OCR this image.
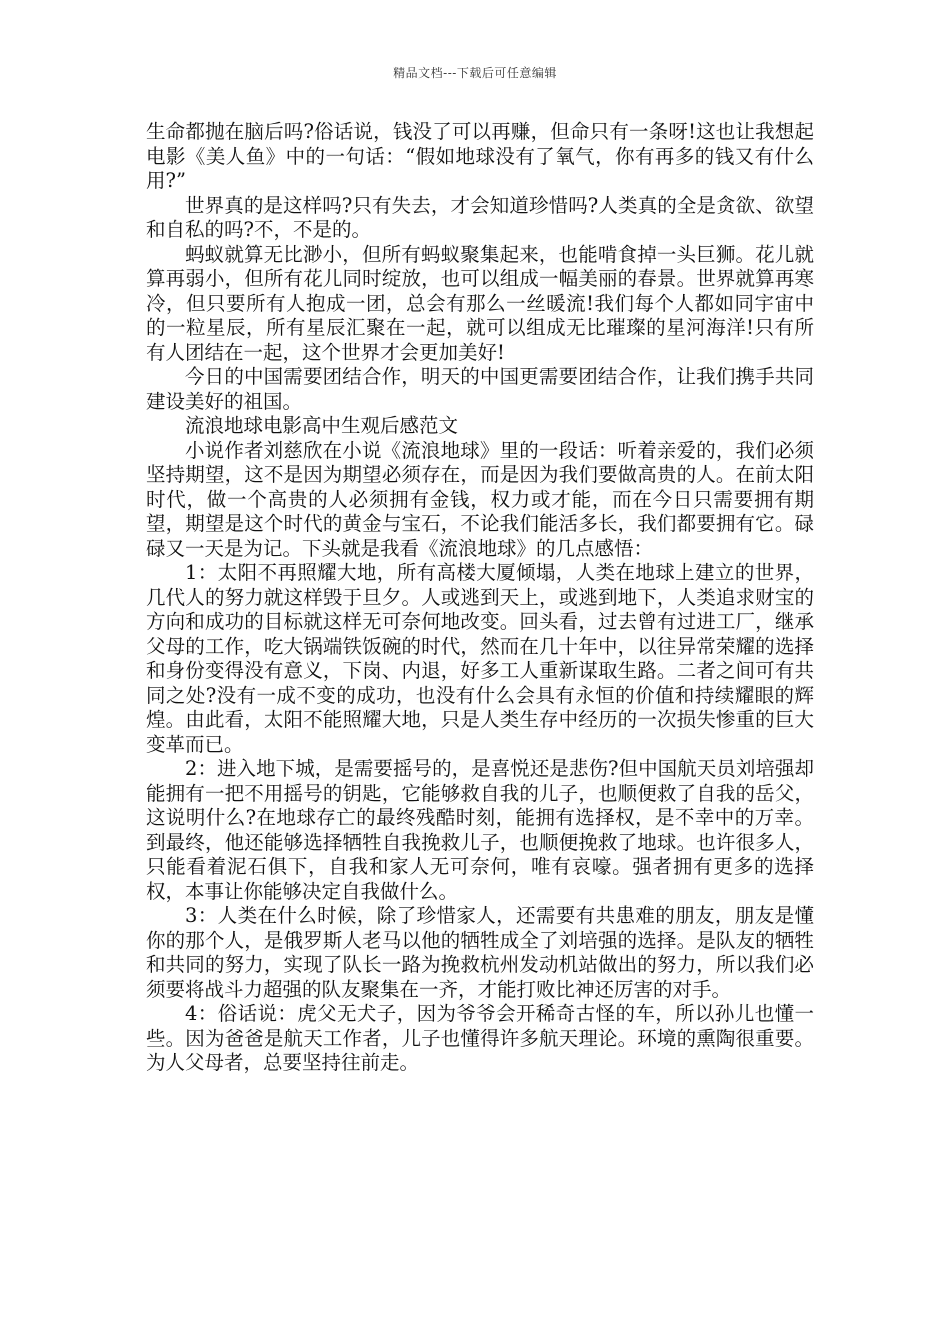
精品文档---下载后可任意编辑

生命都抛在脑后吗?俗话说，钱没了可以再赚，但命只有一条呀!这也让我想起电影《美人鱼》中的一句话：“假如地球没有了氧气，你有再多的钱又有什么用?”

世界真的是这样吗?只有失去，才会知道珍惜吗?人类真的全是贪欲、欲望和自私的吗?不，不是的。

蚂蚁就算无比渺小，但所有蚂蚁聚集起来，也能啃食掉一头巨狮。花儿就算再弱小，但所有花儿同时绽放，也可以组成一幅美丽的春景。世界就算再寒冷，但只要所有人抱成一团，总会有那么一丝暖流!我们每个人都如同宇宙中的一粒星辰，所有星辰汇聚在一起，就可以组成无比璀璨的星河海洋!只有所有人团结在一起，这个世界才会更加美好!

今日的中国需要团结合作，明天的中国更需要团结合作，让我们携手共同建设美好的祖国。

流浪地球电影高中生观后感范文

小说作者刘慈欣在小说《流浪地球》里的一段话：听着亲爱的，我们必须坚持期望，这不是因为期望必须存在，而是因为我们要做高贵的人。在前太阳时代，做一个高贵的人必须拥有金钱，权力或才能，而在今日只需要拥有期望，期望是这个时代的黄金与宝石，不论我们能活多长，我们都要拥有它。碌碌又一天是为记。下头就是我看《流浪地球》的几点感悟：

1：太阳不再照耀大地，所有高楼大厦倾塌，人类在地球上建立的世界，几代人的努力就这样毁于旦夕。人或逃到天上，或逃到地下，人类追求财宝的方向和成功的目标就这样无可奈何地改变。回头看，过去曾有过进工厂，继承父母的工作，吃大锅端铁饭碗的时代，然而在几十年中，以往异常荣耀的选择和身份变得没有意义，下岗、内退，好多工人重新谋取生路。二者之间可有共同之处?没有一成不变的成功，也没有什么会具有永恒的价值和持续耀眼的辉煌。由此看，太阳不能照耀大地，只是人类生存中经历的一次损失惨重的巨大变革而已。

2：进入地下城，是需要摇号的，是喜悦还是悲伤?但中国航天员刘培强却能拥有一把不用摇号的钥匙，它能够救自我的儿子，也顺便救了自我的岳父，这说明什么?在地球存亡的最终残酷时刻，能拥有选择权，是不幸中的万幸。到最终，他还能够选择牺牲自我挽救儿子，也顺便挽救了地球。也许很多人，只能看着泥石俱下，自我和家人无可奈何，唯有哀嚎。强者拥有更多的选择权，本事让你能够决定自我做什么。

3：人类在什么时候，除了珍惜家人，还需要有共患难的朋友，朋友是懂你的那个人，是俄罗斯人老马以他的牺牲成全了刘培强的选择。是队友的牺牲和共同的努力，实现了队长一路为挽救杭州发动机站做出的努力，所以我们必须要将战斗力超强的队友聚集在一齐，才能打败比神还厉害的对手。

4：俗话说：虎父无犬子，因为爷爷会开稀奇古怪的车，所以孙儿也懂一些。因为爸爸是航天工作者，儿子也懂得许多航天理论。环境的熏陶很重要。为人父母者，总要坚持往前走。
